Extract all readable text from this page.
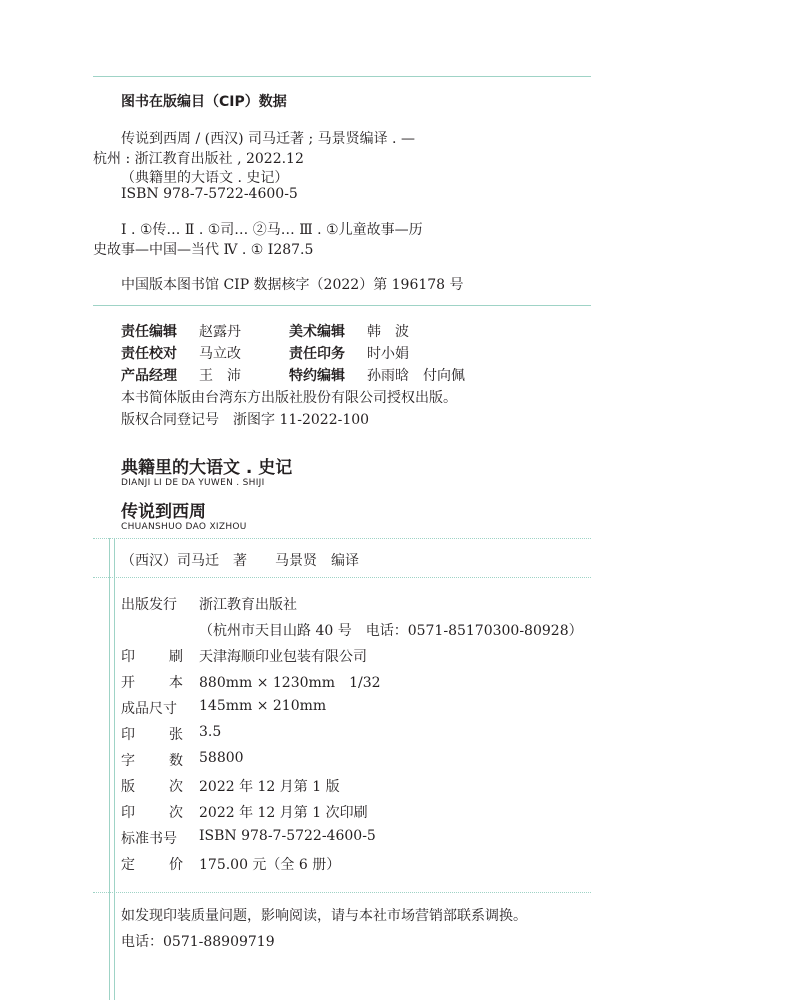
图书在版编目（CIP）数据
传说到西周 / (西汉) 司马迁著 ; 马景贤编译 . —
杭州 : 浙江教育出版社 , 2022.12
（典籍里的大语文 . 史记）
ISBN 978-7-5722-4600-5
Ⅰ . ①传… Ⅱ . ①司… ②马… Ⅲ . ①儿童故事—历
史故事—中国—当代 Ⅳ . ① I287.5
中国版本图书馆 CIP 数据核字（2022）第 196178 号
责任编辑 赵露丹	美术编辑 韩　波
责任校对 马立改	责任印务 时小娟
产品经理 王　沛	特约编辑 孙雨晗　付向佩
本书简体版由台湾东方出版社股份有限公司授权出版。
版权合同登记号　浙图字 11-2022-100
典籍里的大语文 . 史记
DIANJI LI DE DA YUWEN . SHIJI
传说到西周
CHUANSHUO DAO XIZHOU
（西汉）司马迁　著　　马景贤　编译
出版发行	浙江教育出版社
（杭州市天目山路 40 号　电话：0571-85170300-80928）
印 刷 天津海顺印业包装有限公司
开 本 880mm × 1230mm　1/32
成品尺寸	145mm × 210mm
印 张 3.5
字 数 58800
版 次 2022 年 12 月第 1 版
印 次 2022 年 12 月第 1 次印刷
标准书号	ISBN 978-7-5722-4600-5
定 价 175.00 元（全 6 册）
如发现印装质量问题，影响阅读，请与本社市场营销部联系调换。
电话：0571-88909719
